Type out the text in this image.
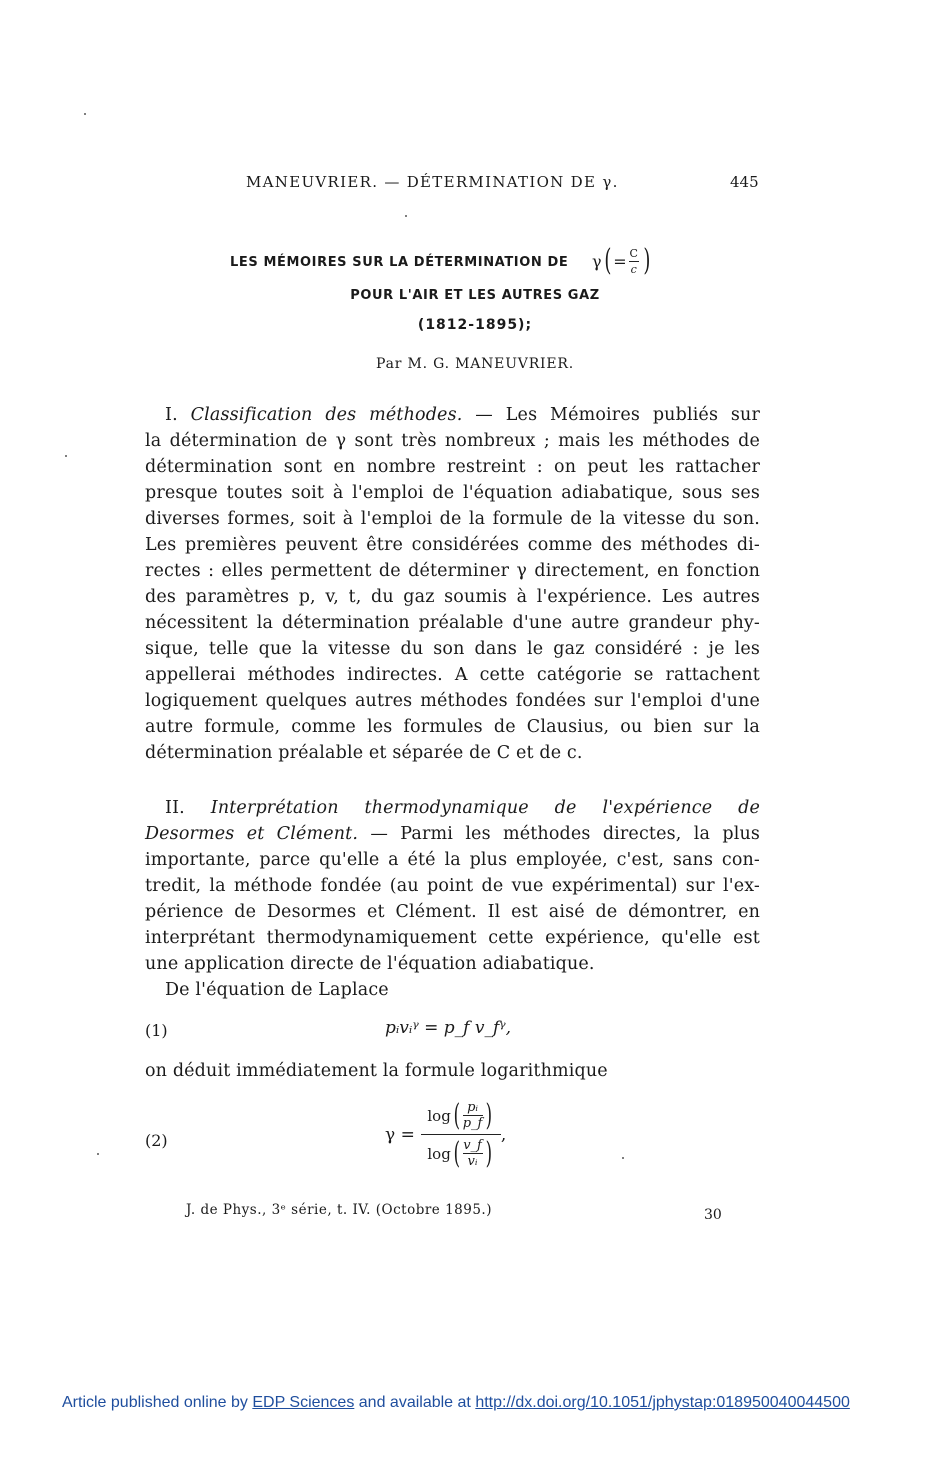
MANEUVRIER. — DÉTERMINATION DE γ.	445
LES MÉMOIRES SUR LA DÉTERMINATION DE γ ( = $\frac{C}{c}$ )
POUR L'AIR ET LES AUTRES GAZ
(1812-1895);
Par M. G. MANEUVRIER.
I. Classification des méthodes. — Les Mémoires publiés sur
la détermination de γ sont très nombreux ; mais les méthodes de
détermination sont en nombre restreint : on peut les rattacher
presque toutes soit à l'emploi de l'équation adiabatique, sous ses
diverses formes, soit à l'emploi de la formule de la vitesse du son.
Les premières peuvent être considérées comme des méthodes di-
rectes : elles permettent de déterminer γ directement, en fonction
des paramètres p, v, t, du gaz soumis à l'expérience. Les autres
nécessitent la détermination préalable d'une autre grandeur phy-
sique, telle que la vitesse du son dans le gaz considéré : je les
appellerai méthodes indirectes. A cette catégorie se rattachent
logiquement quelques autres méthodes fondées sur l'emploi d'une
autre formule, comme les formules de Clausius, ou bien sur la
détermination préalable et séparée de C et de c.
II. Interprétation thermodynamique de l'expérience de
Desormes et Clément. — Parmi les méthodes directes, la plus
importante, parce qu'elle a été la plus employée, c'est, sans con-
tredit, la méthode fondée (au point de vue expérimental) sur l'ex-
périence de Desormes et Clément. Il est aisé de démontrer, en
interprétant thermodynamiquement cette expérience, qu'elle est
une application directe de l'équation adiabatique.
De l'équation de Laplace
(1)	pᵢvᵢᵞ = p_f v_fᵞ,
on déduit immédiatement la formule logarithmique
(2)	γ =
log ( $\frac{\text{pᵢ}}{p\_f}$ )
log ( $\frac{v\_f}{\text{vᵢ}}$ )
,
J. de Phys., 3ᵉ série, t. IV. (Octobre 1895.)	30
Article published online by EDP Sciences and available at http://dx.doi.org/10.1051/jphystap:018950040044500
